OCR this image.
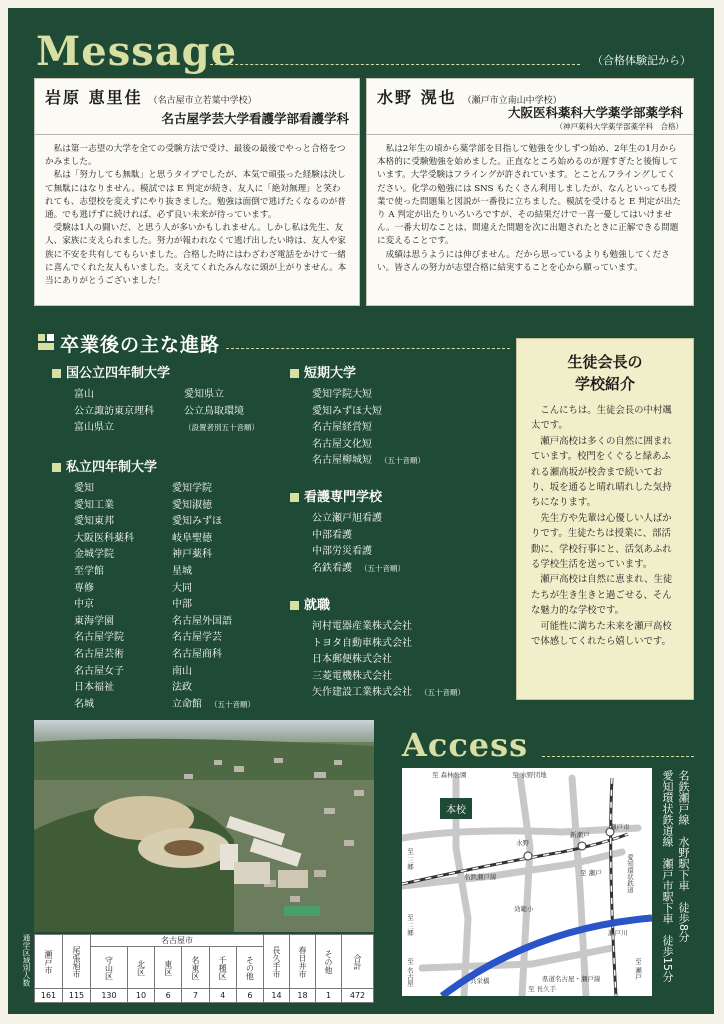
Message	（合格体験記から）
岩原 恵里佳 （名古屋市立若葉中学校）
名古屋学芸大学看護学部看護学科

私は第一志望の大学を全ての受験方法で受け、最後の最後でやっと合格をつかみました。

私は「努力しても無駄」と思うタイプでしたが、本気で頑張った経験は決して無駄にはなりません。模試では E 判定が続き、友人に「絶対無理」と笑われても、志望校を変えずにやり抜きました。勉強は面倒で逃げたくなるのが普通。でも逃げずに続ければ、必ず良い未来が待っています。

受験は1人の闘いだ、と思う人が多いかもしれません。しかし私は先生、友人、家族に支えられました。努力が報われなくて逃げ出したい時は、友人や家族に不安を共有してもらいました。合格した時にはわざわざ電話をかけて一緒に喜んでくれた友人もいました。支えてくれたみんなに頭が上がりません。本当にありがとうございました！

水野 滉也 （瀬戸市立南山中学校）
大阪医科薬科大学薬学部薬学科
（神戸薬科大学薬学部薬学科　合格）

私は2年生の頃から薬学部を目指して勉強を少しずつ始め、2年生の1月から本格的に受験勉強を始めました。正直なところ始めるのが遅すぎたと後悔しています。大学受験はフライングが許されています。とことんフライングしてください。化学の勉強には SNS もたくさん利用しましたが、なんといっても授業で使った問題集と図説が一番役に立ちました。模試を受けると E 判定が出たり A 判定が出たりいろいろですが、その結果だけで一喜一憂してはいけません。一番大切なことは、間違えた問題を次に出題されたときに正解できる問題に変えることです。

成績は思うようには伸びません。だから思っているよりも勉強してください。皆さんの努力が志望合格に結実することを心から願っています。

卒業後の主な進路
国公立四年制大学
富山
公立諏訪東京理科
富山県立
愛知県立
公立鳥取環境
（設置者別五十音順）
私立四年制大学
愛知
愛知工業
愛知東邦
大阪医科薬科
金城学院
至学館
専修
中京
東海学園
名古屋学院
名古屋芸術
名古屋女子
日本福祉
名城
愛知学院
愛知淑徳
愛知みずほ
岐阜聖徳
神戸薬科
星城
大同
中部
名古屋外国語
名古屋学芸
名古屋商科
南山
法政
立命館 （五十音順）
短期大学
愛知学院大短
愛知みずほ大短
名古屋経営短
名古屋文化短
名古屋柳城短 （五十音順）
看護専門学校
公立瀬戸旭看護
中部看護
中部労災看護
名鉄看護 （五十音順）
就職
河村電器産業株式会社
トヨタ自動車株式会社
日本郵便株式会社
三菱電機株式会社
矢作建設工業株式会社 （五十音順）
生徒会長の
学校紹介

こんにちは。生徒会長の中村颯太です。

瀬戸高校は多くの自然に囲まれています。校門をくぐると緑あふれる瀬高坂が校舎まで続いており、坂を通ると晴れ晴れした気持ちになります。

先生方や先輩は心優しい人ばかりです。生徒たちは授業に、部活動に、学校行事にと、活気あふれる学校生活を送っています。

瀬戸高校は自然に恵まれ、生徒たちが生き生きと過ごせる、そんな魅力的な学校です。

可能性に満ちた未来を瀬戸高校で体感してくれたら嬉しいです。

通学区域別人数 瀬戸市	尾張旭市	名古屋市						長久手市	春日井市	その他	合計

		守山区	北区	東区	名東区	千種区	その他				

161	115	130	10	6	7	4	6	14	18	1	472
Access
本校
至 森林公園	至 水野団地
水野
新瀬戸
瀬戸市
至 三郷
名鉄瀬戸線	至 瀬戸	愛知環状鉄道
効範小
瀬戸川
至 三郷
至 名古屋	共栄橋
至 長久手
県道名古屋・瀬戸線	至 瀬戸
名鉄瀬戸線　水野駅下車　徒歩8分
愛知環状鉄道線　瀬戸市駅下車　徒歩15分
